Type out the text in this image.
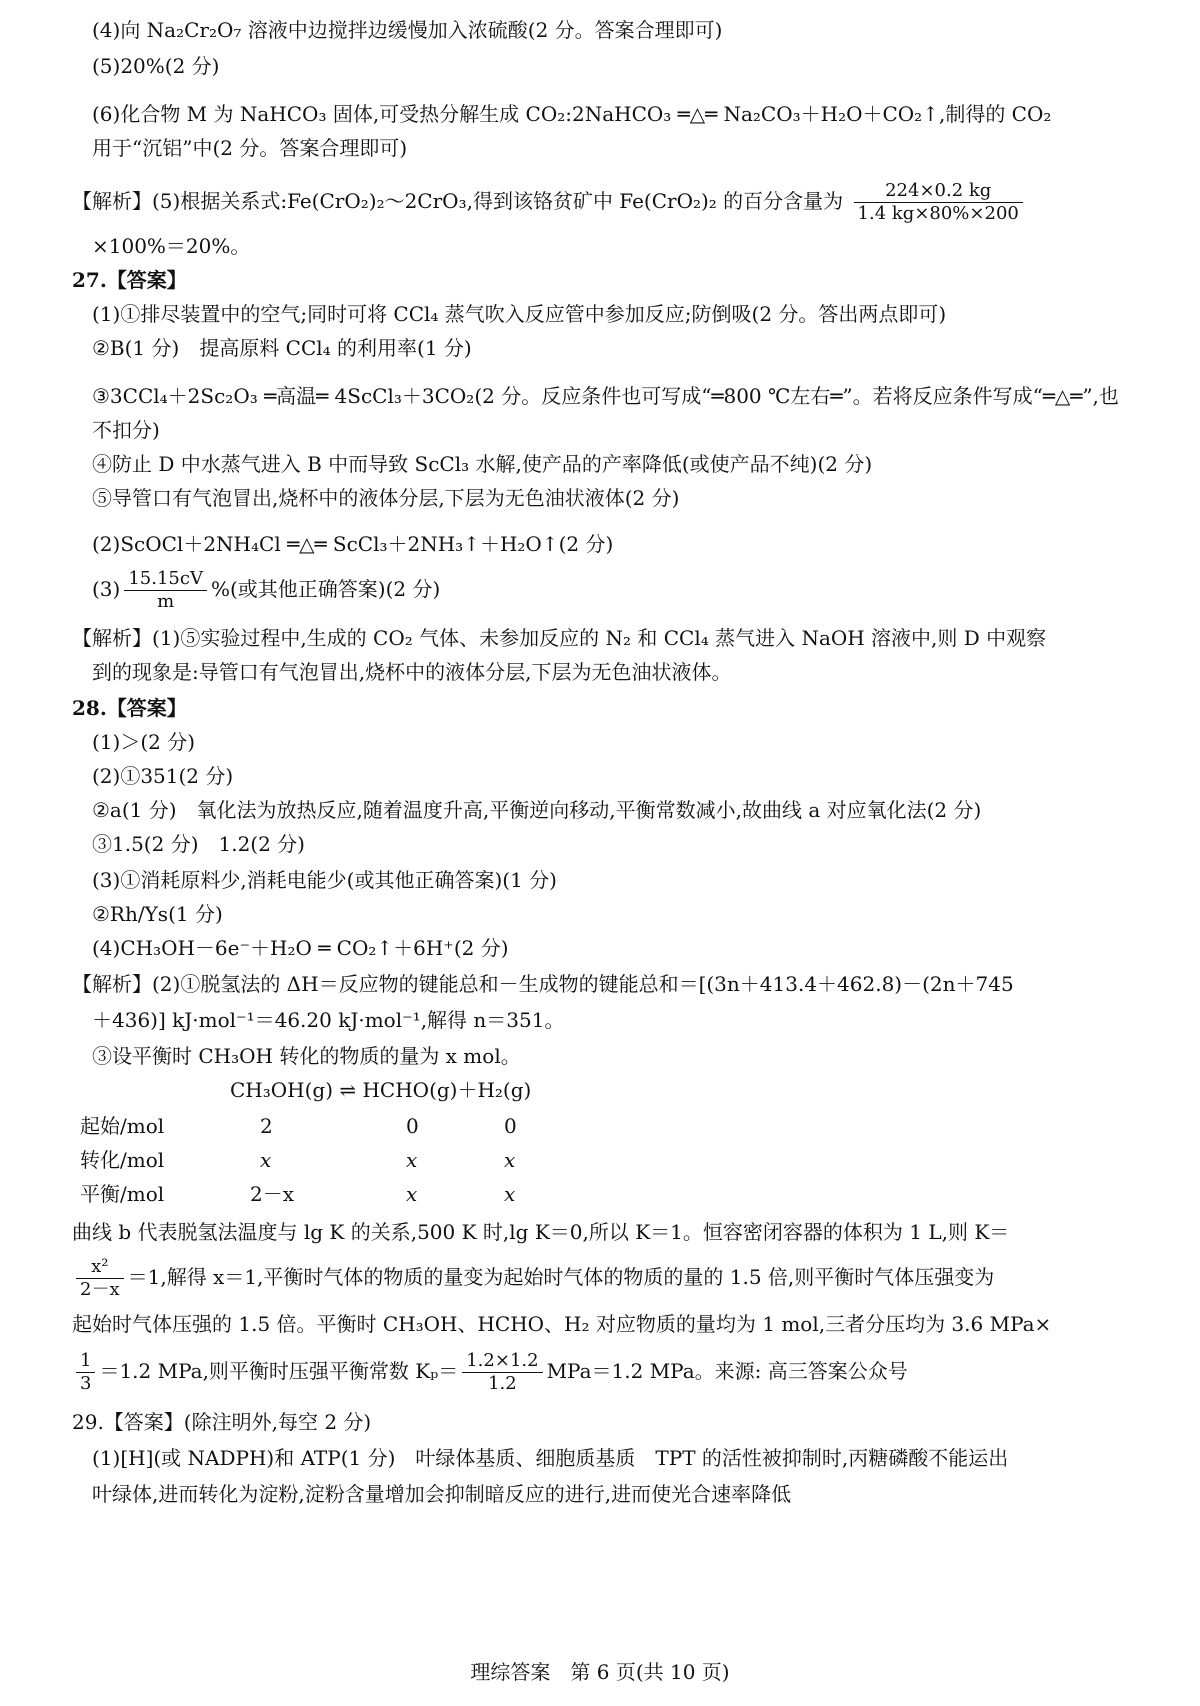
(4)向 Na₂Cr₂O₇ 溶液中边搅拌边缓慢加入浓硫酸(2 分。答案合理即可)
(5)20%(2 分)
(6)化合物 M 为 NaHCO₃ 固体,可受热分解生成 CO₂:2NaHCO₃ ═△═ Na₂CO₃＋H₂O＋CO₂↑,制得的 CO₂
用于“沉铝”中(2 分。答案合理即可)
【解析】(5)根据关系式:Fe(CrO₂)₂～2CrO₃,得到该铬贫矿中 Fe(CrO₂)₂ 的百分含量为 $\frac{224\times 0.2 kg}{1.4 kg\times 80\%\times 200}$
×100%＝20%。
27.【答案】
(1)①排尽装置中的空气;同时可将 CCl₄ 蒸气吹入反应管中参加反应;防倒吸(2 分。答出两点即可)
②B(1 分)　提高原料 CCl₄ 的利用率(1 分)
③3CCl₄＋2Sc₂O₃ ═高温═ 4ScCl₃＋3CO₂(2 分。反应条件也可写成“═800 ℃左右═”。若将反应条件写成“═△═”,也
不扣分)
④防止 D 中水蒸气进入 B 中而导致 ScCl₃ 水解,使产品的产率降低(或使产品不纯)(2 分)
⑤导管口有气泡冒出,烧杯中的液体分层,下层为无色油状液体(2 分)
(2)ScOCl＋2NH₄Cl ═△═ ScCl₃＋2NH₃↑＋H₂O↑(2 分)
$(3) \frac{15.15cV}{m}$ %(或其他正确答案)(2 分)
【解析】(1)⑤实验过程中,生成的 CO₂ 气体、未参加反应的 N₂ 和 CCl₄ 蒸气进入 NaOH 溶液中,则 D 中观察
到的现象是:导管口有气泡冒出,烧杯中的液体分层,下层为无色油状液体。
28.【答案】
(1)＞(2 分)
(2)①351(2 分)
②a(1 分)　氧化法为放热反应,随着温度升高,平衡逆向移动,平衡常数减小,故曲线 a 对应氧化法(2 分)
③1.5(2 分)　1.2(2 分)
(3)①消耗原料少,消耗电能少(或其他正确答案)(1 分)
②Rh/Ys(1 分)
(4)CH₃OH－6e⁻＋H₂O ═ CO₂↑＋6H⁺(2 分)
【解析】(2)①脱氢法的 ΔH＝反应物的键能总和－生成物的键能总和＝[(3n＋413.4＋462.8)－(2n＋745
＋436)] kJ·mol⁻¹＝46.20 kJ·mol⁻¹,解得 n＝351。
③设平衡时 CH₃OH 转化的物质的量为 x mol。
CH₃OH(g) ⇌ HCHO(g)＋H₂(g)
起始/mol	2	0	0
转化/mol	x	x	x
平衡/mol	2－x	x	x
曲线 b 代表脱氢法温度与 lg K 的关系,500 K 时,lg K＝0,所以 K＝1。恒容密闭容器的体积为 1 L,则 K＝
$\frac{\text{x²}}{2-x} =1$,解得 x＝1,平衡时气体的物质的量变为起始时气体的物质的量的 1.5 倍,则平衡时气体压强变为
起始时气体压强的 1.5 倍。平衡时 CH₃OH、HCHO、H₂ 对应物质的量均为 1 mol,三者分压均为 3.6 MPa×
$\frac{1}{3} =1.2$ MPa,则平衡时压强平衡常数 $K_p= \frac{1.2\times 1.2}{1.2} MPa=1.2$ MPa。来源: 高三答案公众号
29.【答案】(除注明外,每空 2 分)
(1)[H](或 NADPH)和 ATP(1 分)　叶绿体基质、细胞质基质　TPT 的活性被抑制时,丙糖磷酸不能运出
叶绿体,进而转化为淀粉,淀粉含量增加会抑制暗反应的进行,进而使光合速率降低
理综答案　第 6 页(共 10 页)
